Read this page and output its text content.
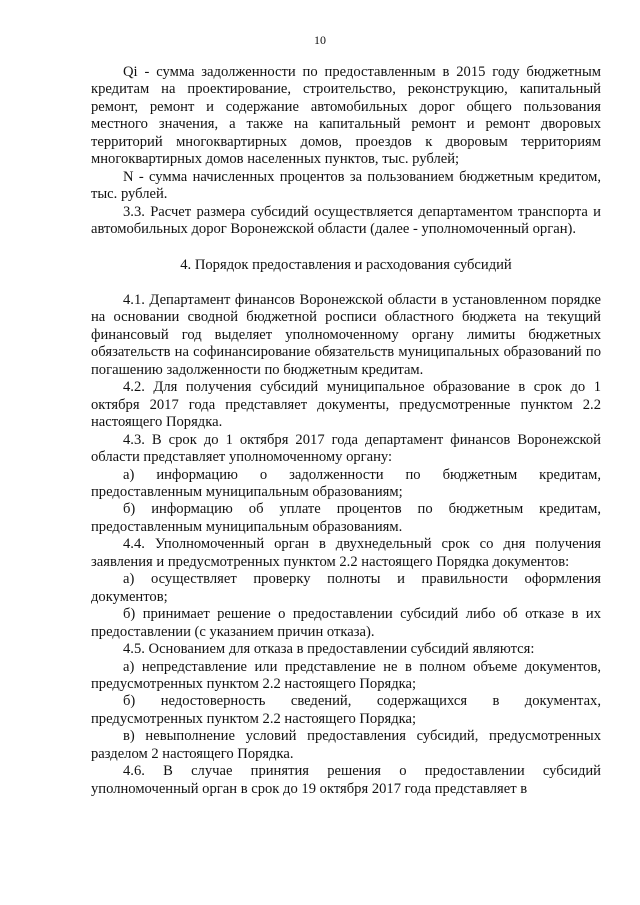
10

Qi - сумма задолженности по предоставленным в 2015 году бюджетным кредитам на проектирование, строительство, реконструкцию, капитальный ремонт, ремонт и содержание автомобильных дорог общего пользования местного значения, а также на капитальный ремонт и ремонт дворовых территорий многоквартирных домов, проездов к дворовым территориям многоквартирных домов населенных пунктов, тыс. рублей;

N - сумма начисленных процентов за пользованием бюджетным кредитом, тыс. рублей.

3.3. Расчет размера субсидий осуществляется департаментом транспорта и автомобильных дорог Воронежской области (далее - уполномоченный орган).

4. Порядок предоставления и расходования субсидий

4.1. Департамент финансов Воронежской области в установленном порядке на основании сводной бюджетной росписи областного бюджета на текущий финансовый год выделяет уполномоченному органу лимиты бюджетных обязательств на софинансирование обязательств муниципальных образований по погашению задолженности по бюджетным кредитам.

4.2. Для получения субсидий муниципальное образование в срок до 1 октября 2017 года представляет документы, предусмотренные пунктом 2.2 настоящего Порядка.

4.3. В срок до 1 октября 2017 года департамент финансов Воронежской области представляет уполномоченному органу:

а) информацию о задолженности по бюджетным кредитам, предоставленным муниципальным образованиям;

б) информацию об уплате процентов по бюджетным кредитам, предоставленным муниципальным образованиям.

4.4. Уполномоченный орган в двухнедельный срок со дня получения заявления и предусмотренных пунктом 2.2 настоящего Порядка документов:

а) осуществляет проверку полноты и правильности оформления документов;

б) принимает решение о предоставлении субсидий либо об отказе в их предоставлении (с указанием причин отказа).

4.5. Основанием для отказа в предоставлении субсидий являются:

а) непредставление или представление не в полном объеме документов, предусмотренных пунктом 2.2 настоящего Порядка;

б) недостоверность сведений, содержащихся в документах, предусмотренных пунктом 2.2 настоящего Порядка;

в) невыполнение условий предоставления субсидий, предусмотренных разделом 2 настоящего Порядка.

4.6. В случае принятия решения о предоставлении субсидий уполномоченный орган в срок до 19 октября 2017 года представляет в
